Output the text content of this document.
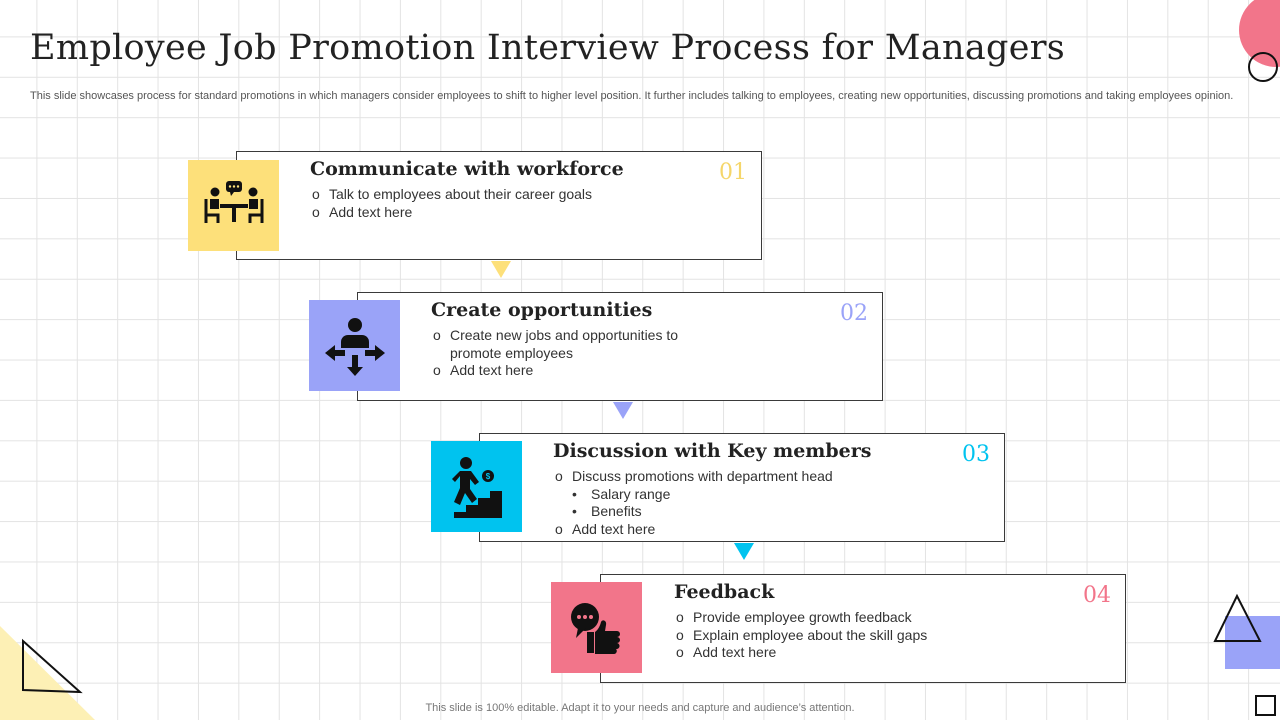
Employee Job Promotion Interview Process for Managers

This slide showcases process for standard promotions in which managers consider employees to shift to higher level position. It further includes talking to employees, creating new opportunities, discussing promotions and taking employees opinion.

Communicate with workforce	01
o Talk to employees about their career goals
o Add text here
Create opportunities	02
o Create new jobs and opportunities to promote employees
o Add text here
Discussion with Key members	03
o Discuss promotions with department head
• Salary range
• Benefits
o Add text here
$
Feedback	04
o Provide employee growth feedback
o Explain employee about the skill gaps
o Add text here
This slide is 100% editable. Adapt it to your needs and capture and audience’s attention.
